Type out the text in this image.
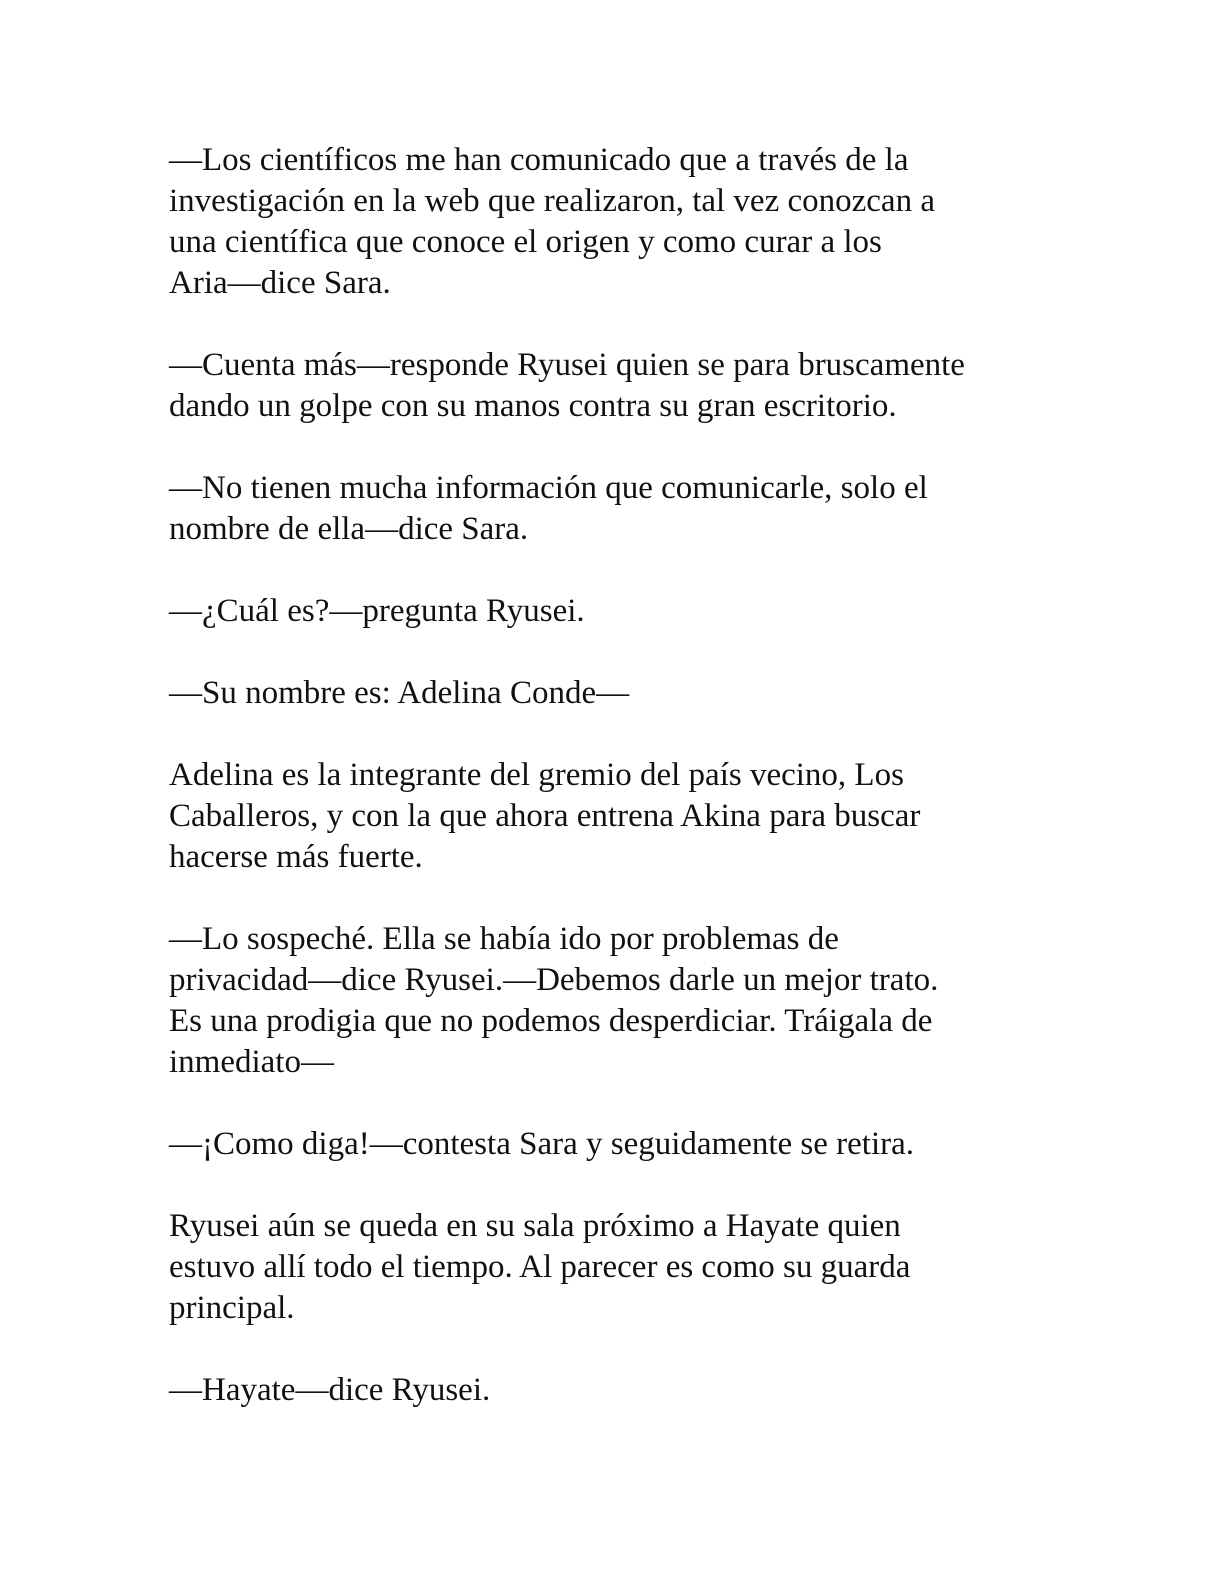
—Los científicos me han comunicado que a través de la
investigación en la web que realizaron, tal vez conozcan a
una científica que conoce el origen y como curar a los
Aria—dice Sara.

—Cuenta más—responde Ryusei quien se para bruscamente
dando un golpe con su manos contra su gran escritorio.

—No tienen mucha información que comunicarle, solo el
nombre de ella—dice Sara.

—¿Cuál es?—pregunta Ryusei.

—Su nombre es: Adelina Conde—

Adelina es la integrante del gremio del país vecino, Los
Caballeros, y con la que ahora entrena Akina para buscar
hacerse más fuerte.

—Lo sospeché. Ella se había ido por problemas de
privacidad—dice Ryusei.—Debemos darle un mejor trato.
Es una prodigia que no podemos desperdiciar. Tráigala de
inmediato—

—¡Como diga!—contesta Sara y seguidamente se retira.

Ryusei aún se queda en su sala próximo a Hayate quien
estuvo allí todo el tiempo. Al parecer es como su guarda
principal.

—Hayate—dice Ryusei.
